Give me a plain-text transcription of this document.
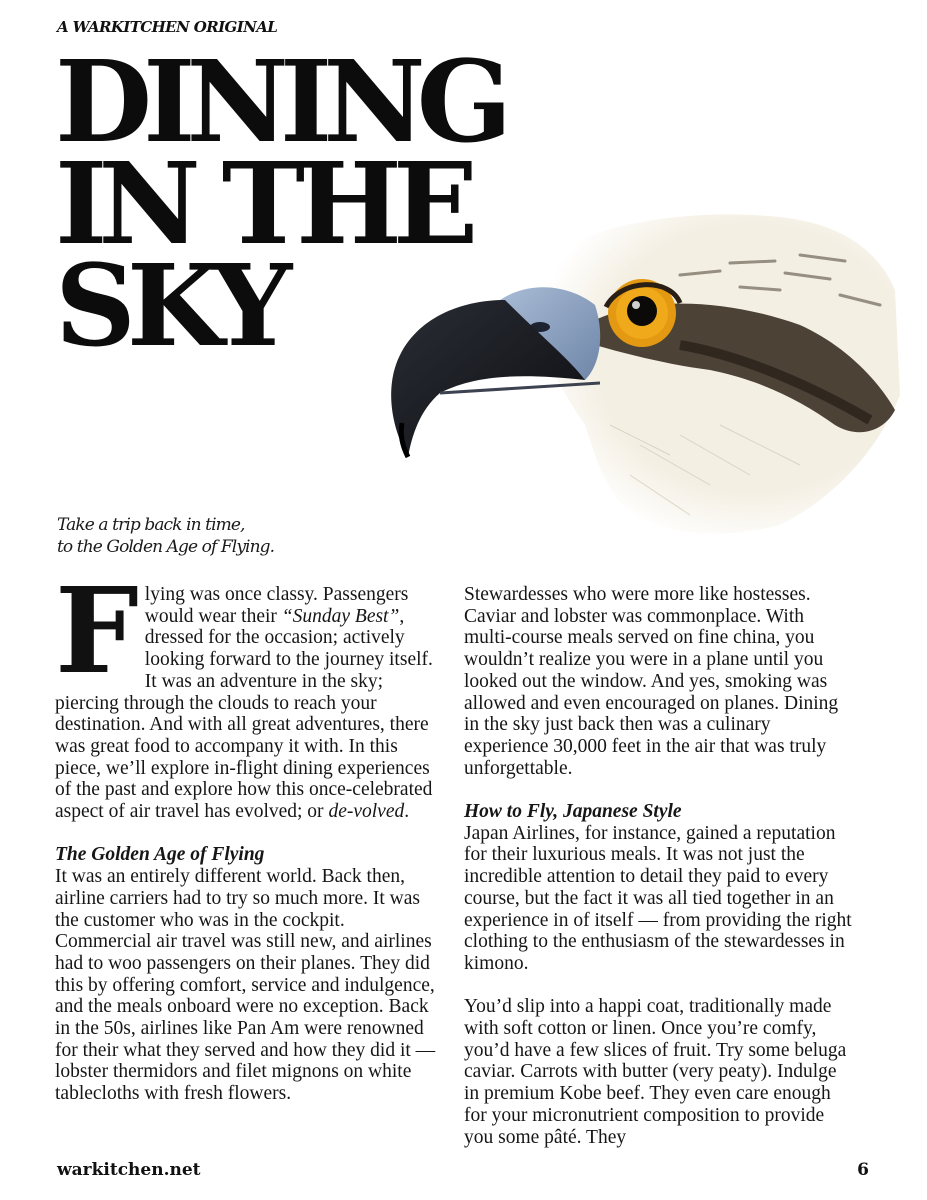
A WARKITCHEN ORIGINAL
DINING
IN THE
SKY
Take a trip back in time,
to the Golden Age of Flying.

Flying was once classy. Passengers would wear their “Sunday Best”, dressed for the occasion; actively looking forward to the journey itself. It was an adventure in the sky; piercing through the clouds to reach your destination. And with all great adventures, there was great food to accompany it with. In this piece, we’ll explore in-flight dining experiences of the past and explore how this once-celebrated aspect of air travel has evolved; or de-volved.

The Golden Age of Flying

It was an entirely different world. Back then, airline carriers had to try so much more. It was the customer who was in the cockpit. Commercial air travel was still new, and airlines had to woo passengers on their planes. They did this by offering comfort, service and indulgence, and the meals onboard were no exception. Back in the 50s, airlines like Pan Am were renowned for their what they served and how they did it — lobster thermidors and filet mignons on white tablecloths with fresh flowers.

Stewardesses who were more like hostesses. Caviar and lobster was commonplace. With multi-course meals served on fine china, you wouldn’t realize you were in a plane until you looked out the window. And yes, smoking was allowed and even encouraged on planes. Dining in the sky just back then was a culinary experience 30,000 feet in the air that was truly unforgettable.

How to Fly, Japanese Style

Japan Airlines, for instance, gained a reputation for their luxurious meals. It was not just the incredible attention to detail they paid to every course, but the fact it was all tied together in an experience in of itself — from providing the right clothing to the enthusiasm of the stewardesses in kimono.

You’d slip into a happi coat, traditionally made with soft cotton or linen. Once you’re comfy, you’d have a few slices of fruit. Try some beluga caviar. Carrots with butter (very peaty). Indulge in premium Kobe beef. They even care enough for your micronutrient composition to provide you some pâté. They

warkitchen.net	6
